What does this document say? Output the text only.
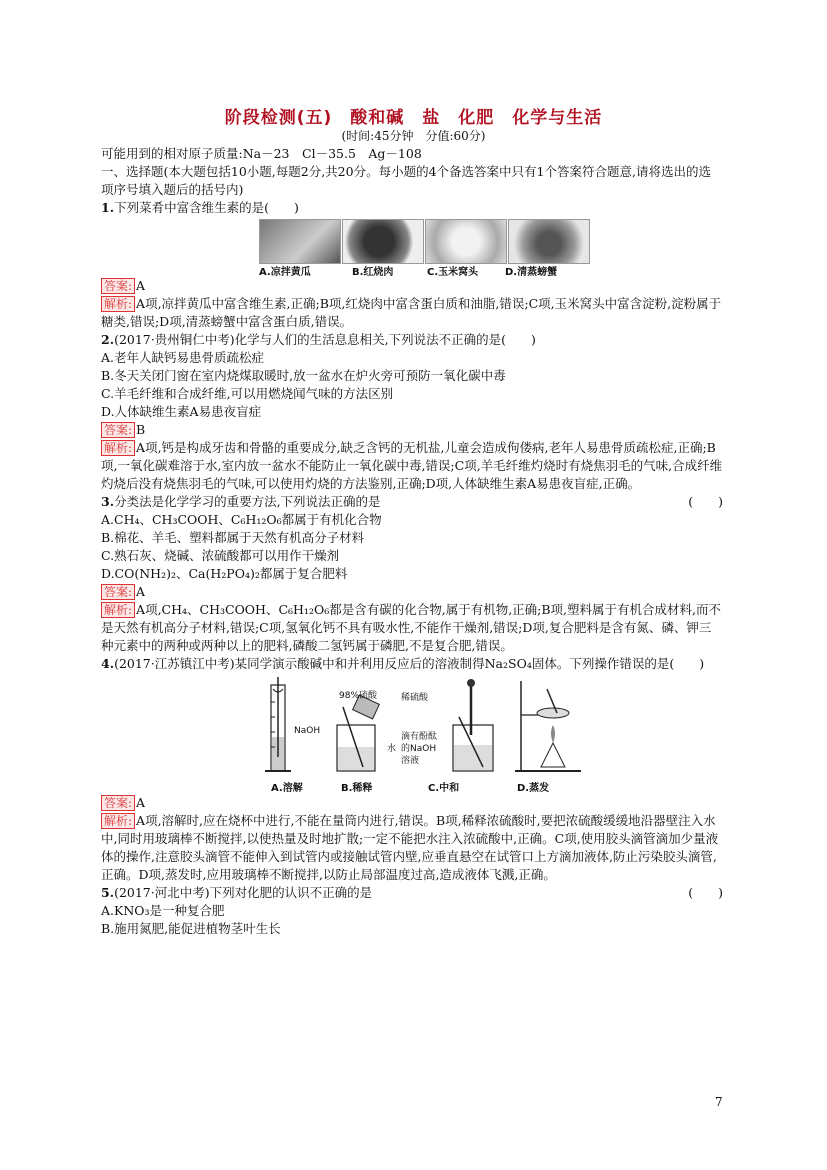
阶段检测(五)　酸和碱　盐　化肥　化学与生活
(时间:45分钟　分值:60分)

可能用到的相对原子质量:Na－23　Cl－35.5　Ag－108

一、选择题(本大题包括10小题,每题2分,共20分。每小题的4个备选答案中只有1个答案符合题意,请将选出的选项序号填入题后的括号内)

1.下列菜肴中富含维生素的是(　　)

A.凉拌黄瓜	B.红烧肉	C.玉米窝头	D.清蒸螃蟹

答案: A

解析: A项,凉拌黄瓜中富含维生素,正确;B项,红烧肉中富含蛋白质和油脂,错误;C项,玉米窝头中富含淀粉,淀粉属于糖类,错误;D项,清蒸螃蟹中富含蛋白质,错误。

2.(2017·贵州铜仁中考)化学与人们的生活息息相关,下列说法不正确的是(　　)

A.老年人缺钙易患骨质疏松症

B.冬天关闭门窗在室内烧煤取暖时,放一盆水在炉火旁可预防一氧化碳中毒

C.羊毛纤维和合成纤维,可以用燃烧闻气味的方法区别

D.人体缺维生素A易患夜盲症

答案: B

解析: A项,钙是构成牙齿和骨骼的重要成分,缺乏含钙的无机盐,儿童会造成佝偻病,老年人易患骨质疏松症,正确;B项,一氧化碳难溶于水,室内放一盆水不能防止一氧化碳中毒,错误;C项,羊毛纤维灼烧时有烧焦羽毛的气味,合成纤维灼烧后没有烧焦羽毛的气味,可以使用灼烧的方法鉴别,正确;D项,人体缺维生素A易患夜盲症,正确。

3.分类法是化学学习的重要方法,下列说法正确的是	(　　)

A.CH₄、CH₃COOH、C₆H₁₂O₆都属于有机化合物

B.棉花、羊毛、塑料都属于天然有机高分子材料

C.熟石灰、烧碱、浓硫酸都可以用作干燥剂

D.CO(NH₂)₂、Ca(H₂PO₄)₂都属于复合肥料

答案: A

解析: A项,CH₄、CH₃COOH、C₆H₁₂O₆都是含有碳的化合物,属于有机物,正确;B项,塑料属于有机合成材料,而不是天然有机高分子材料,错误;C项,氢氧化钙不具有吸水性,不能作干燥剂,错误;D项,复合肥料是含有氮、磷、钾三种元素中的两种或两种以上的肥料,磷酸二氢钙属于磷肥,不是复合肥,错误。

4.(2017·江苏镇江中考)某同学演示酸碱中和并利用反应后的溶液制得Na₂SO₄固体。下列操作错误的是(　　)

NaOH
98%硫酸
水
稀硫酸
滴有酚酞
的NaOH
溶液
A.溶解	B.稀释	C.中和	D.蒸发

答案: A

解析: A项,溶解时,应在烧杯中进行,不能在量筒内进行,错误。B项,稀释浓硫酸时,要把浓硫酸缓缓地沿器壁注入水中,同时用玻璃棒不断搅拌,以使热量及时地扩散;一定不能把水注入浓硫酸中,正确。C项,使用胶头滴管滴加少量液体的操作,注意胶头滴管不能伸入到试管内或接触试管内壁,应垂直悬空在试管口上方滴加液体,防止污染胶头滴管,正确。D项,蒸发时,应用玻璃棒不断搅拌,以防止局部温度过高,造成液体飞溅,正确。

5.(2017·河北中考)下列对化肥的认识不正确的是	(　　)

A.KNO₃是一种复合肥

B.施用氮肥,能促进植物茎叶生长

7
